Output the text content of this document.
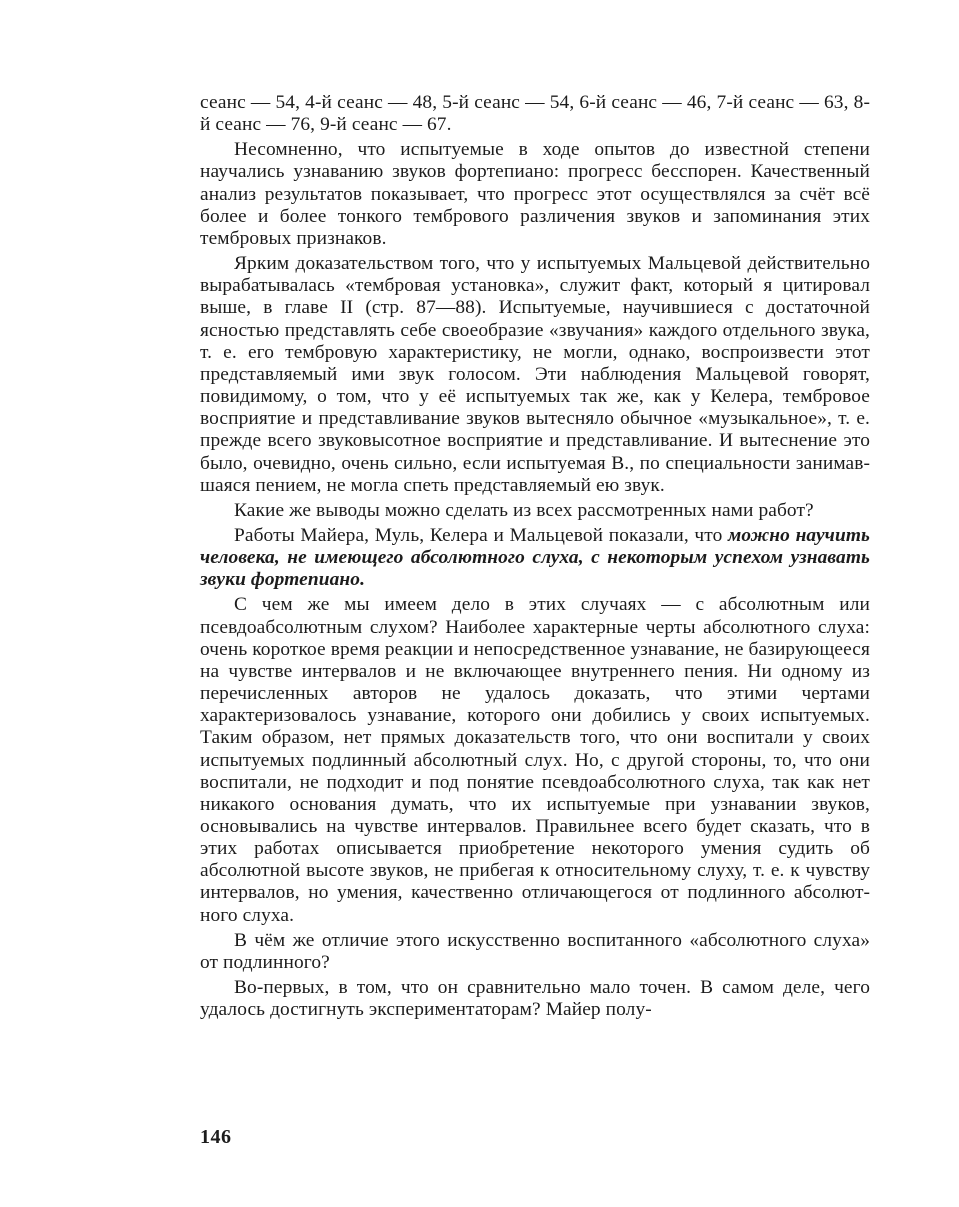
сеанс — 54, 4-й сеанс — 48, 5-й сеанс — 54, 6-й сеанс — 46, 7-й сеанс — 63, 8-й сеанс — 76, 9-й сеанс — 67.

Несомненно, что испытуемые в ходе опытов до известной степени научались узнаванию звуков фортепиано: прогресс бесспорен. Качественный анализ результатов показывает, что прогресс этот осуществлялся за счёт всё более и более тонкого тембрового различения звуков и запоминания этих тембровых признаков.

Ярким доказательством того, что у испытуемых Мальцевой действительно вырабатывалась «тембровая установка», служит факт, который я цитировал выше, в главе II (стр. 87—88). Испытуемые, научившиеся с достаточной ясностью представлять себе своеобразие «звучания» каждого отдельного звука, т. е. его тембровую характеристику, не могли, однако, воспроизвести этот представляемый ими звук голосом. Эти наблюдения Мальцевой говорят, повидимому, о том, что у её испытуемых так же, как у Келера, тембровое восприятие и представливание звуков вытесняло обычное «музыкальное», т. е. прежде всего звуковысотное восприятие и представливание. И вытеснение это было, очевидно, очень сильно, если испытуемая В., по специальности занимавшаяся пением, не могла спеть представляемый ею звук.

Какие же выводы можно сделать из всех рассмотренных нами работ?

Работы Майера, Муль, Келера и Мальцевой показали, что можно научить человека, не имеющего абсолютного слуха, с некоторым успехом узнавать звуки фортепиано.

С чем же мы имеем дело в этих случаях — с абсолютным или псевдоабсолютным слухом? Наиболее характерные черты абсолютного слуха: очень короткое время реакции и непосредственное узнавание, не базирующееся на чувстве интервалов и не включающее внутреннего пения. Ни одному из перечисленных авторов не удалось доказать, что этими чертами характеризовалось узнавание, которого они добились у своих испытуемых. Таким образом, нет прямых доказательств того, что они воспитали у своих испытуемых подлинный абсолютный слух. Но, с другой стороны, то, что они воспитали, не подходит и под понятие псевдоабсолютного слуха, так как нет никакого основания думать, что их испытуемые при узнавании звуков, основывались на чувстве интервалов. Правильнее всего будет сказать, что в этих работах описывается приобретение некоторого умения судить об абсолютной высоте звуков, не прибегая к относительному слуху, т. е. к чувству интервалов, но умения, качественно отличающегося от подлинного абсолютного слуха.

В чём же отличие этого искусственно воспитанного «абсолютного слуха» от подлинного?

Во-первых, в том, что он сравнительно мало точен. В самом деле, чего удалось достигнуть экспериментаторам? Майер полу-

146
